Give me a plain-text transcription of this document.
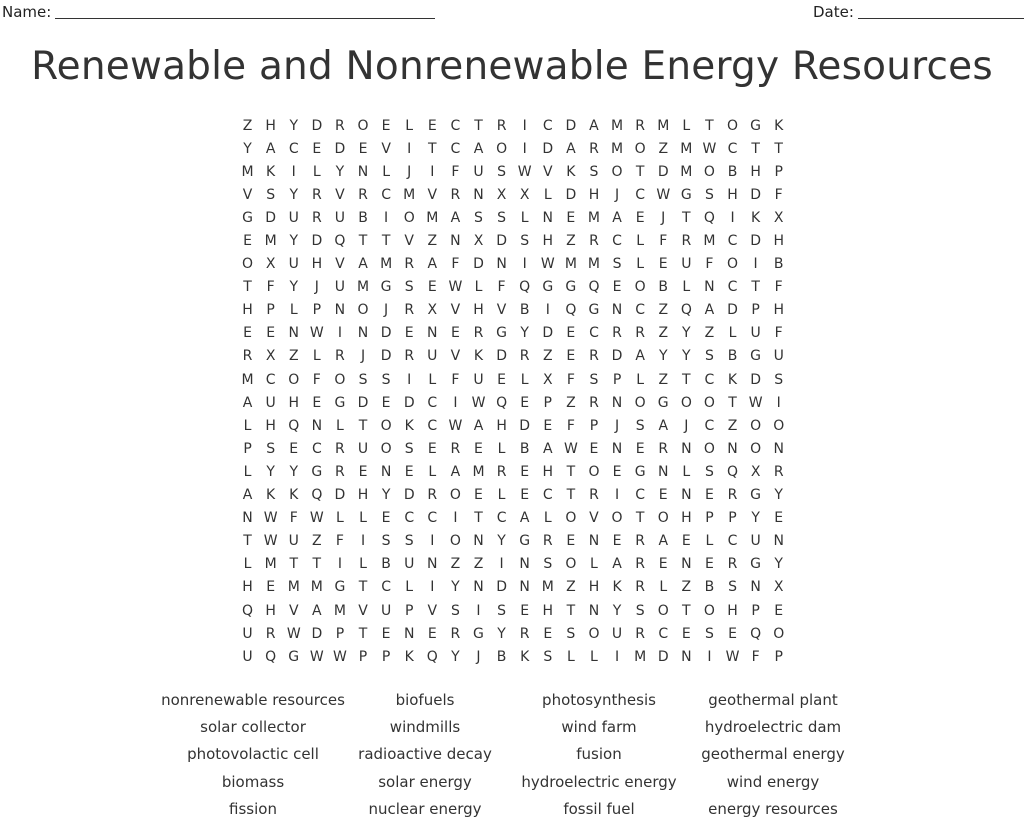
Name:	Date:
Renewable and Nonrenewable Energy Resources
Z H Y D R O E	L	E C T R	I	C D A M R M L	T O G K
Y	A C E D E V	I	T C A O	I	D A R M O Z M W C T	T
M K	I	L	Y N L	J	I	F U S W V K	S O T D M O B H P
V S	Y R V R C M V R N X X	L D H	J	C W G S H D F
G D U R U B	I	O M A S	S	L N E M A E	J	T Q	I	K X
E M Y D Q T	T	V Z N X D S H Z R C	L	F	R M C D H
O X U H V A M R A	F D N	I	W M M S	L	E U F O	I	B
T	F	Y	J	U M G S	E W L	F Q G G Q E O B	L N C T	F
H P	L	P N O	J	R X V H V B	I	Q G N C Z Q A D P H
E	E N W	I	N D E N E R G Y D E C R R Z	Y	Z	L	U F
R X Z	L	R	J	D R U V K D R Z E R D A	Y	Y	S B G U
M C O F O S	S	I	L	F U E	L	X	F	S	P	L	Z	T C K D S
A U H E G D E D C	I	W Q E	P	Z R N O G O O T W	I
L H Q N L	T O K C W A H D E	F	P	J	S A	J	C Z O O
P	S	E C R U O S	E R E	L	B A W E N E R N O N O N
L	Y	Y G R E N E	L	A M R E H T O E G N L	S Q X R
A K K Q D H Y D R O E	L	E C T R	I	C E N E R G Y
N W F W L	L	E C C	I	T C A	L O V O T O H P	P	Y	E
T W U Z	F	I	S	S	I	O N Y G R E N E R A E	L	C U N
L M T	T	I	L	B U N Z Z	I	N S O L	A R E N E R G Y
H E M M G T C	L	I	Y N D N M Z H K R	L	Z B S N X
Q H V A M V U P	V S	I	S	E H T N Y	S O T O H P	E
U R W D P	T	E N E R G Y R E	S O U R C E	S	E Q O
U Q G W W P	P	K Q Y	J	B K	S	L	L	I	M D N	I	W F	P
nonrenewable resources	biofuels	photosynthesis	geothermal plant
solar collector	windmills	wind farm	hydroelectric dam
photovolactic cell	radioactive decay	fusion	geothermal energy
biomass	solar energy	hydroelectric energy	wind energy
fission	nuclear energy	fossil fuel	energy resources
